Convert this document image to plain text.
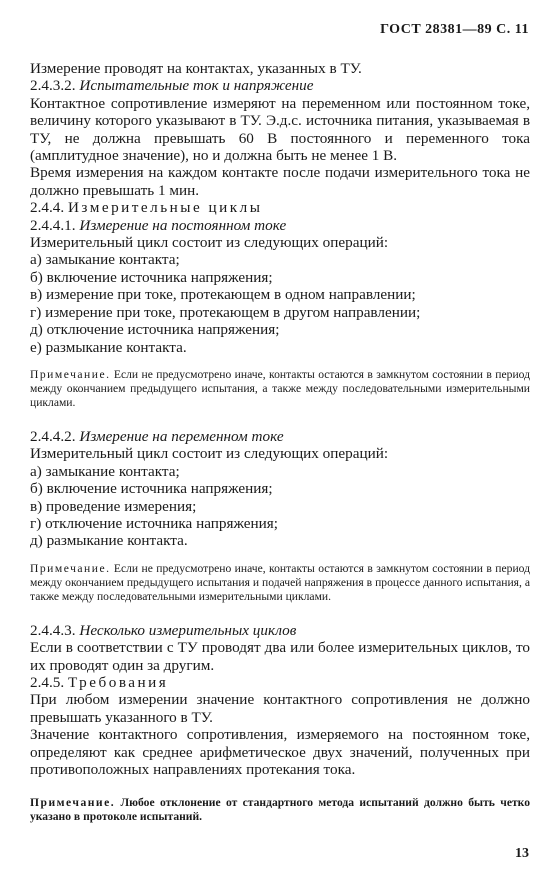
ГОСТ 28381—89 С. 11

Измерение проводят на контактах, указанных в ТУ.

2.4.3.2. Испытательные ток и напряжение

Контактное сопротивление измеряют на переменном или постоянном токе, величину которого указывают в ТУ. Э.д.с. источника питания, указываемая в ТУ, не должна превышать 60 В постоянного и переменного тока (амплитудное значение), но и должна быть не менее 1 В.

Время измерения на каждом контакте после подачи измерительного тока не должно превышать 1 мин.

2.4.4. Измерительные циклы

2.4.4.1. Измерение на постоянном токе

Измерительный цикл состоит из следующих операций:

а) замыкание контакта;

б) включение источника напряжения;

в) измерение при токе, протекающем в одном направлении;

г) измерение при токе, протекающем в другом направлении;

д) отключение источника напряжения;

е) размыкание контакта.

Примечание. Если не предусмотрено иначе, контакты остаются в замкнутом состоянии в период между окончанием предыдущего испытания, а также между последовательными измерительными циклами.

2.4.4.2. Измерение на переменном токе

Измерительный цикл состоит из следующих операций:

а) замыкание контакта;

б) включение источника напряжения;

в) проведение измерения;

г) отключение источника напряжения;

д) размыкание контакта.

Примечание. Если не предусмотрено иначе, контакты остаются в замкнутом состоянии в период между окончанием предыдущего испытания и подачей напряжения в процессе данного испытания, а также между последовательными измерительными циклами.

2.4.4.3. Несколько измерительных циклов

Если в соответствии с ТУ проводят два или более измерительных циклов, то их проводят один за другим.

2.4.5. Требования

При любом измерении значение контактного сопротивления не должно превышать указанного в ТУ.

Значение контактного сопротивления, измеряемого на постоянном токе, определяют как среднее арифметическое двух значений, полученных при противоположных направлениях протекания тока.

Примечание. Любое отклонение от стандартного метода испытаний должно быть четко указано в протоколе испытаний.

13
